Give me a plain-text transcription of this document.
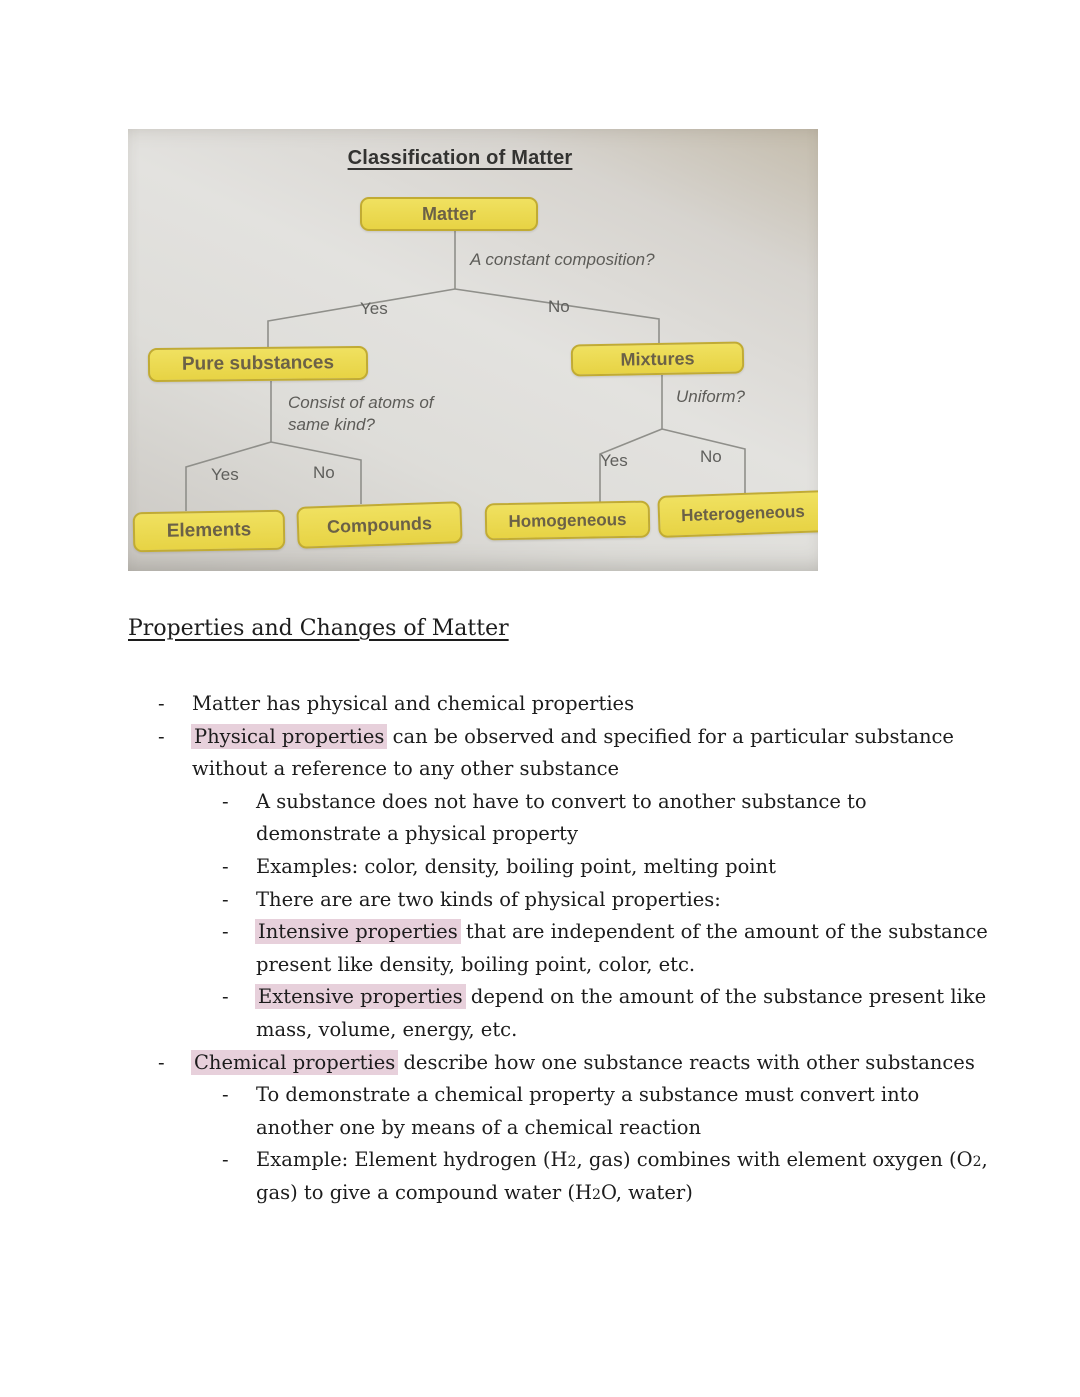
Classification of Matter
Matter
Pure substances	Mixtures
Elements	Compounds	Homogeneous	Heterogeneous
A constant composition?
Consist of atoms of same kind?
Uniform?
Yes	No
Yes	No
Yes	No
Properties and Changes of Matter
- Matter has physical and chemical properties
- Physical properties can be observed and specified for a particular substance
without a reference to any other substance
- A substance does not have to convert to another substance to
demonstrate a physical property
- Examples: color, density, boiling point, melting point
- There are are two kinds of physical properties:
- Intensive properties that are independent of the amount of the substance
present like density, boiling point, color, etc.
- Extensive properties depend on the amount of the substance present like
mass, volume, energy, etc.
- Chemical properties describe how one substance reacts with other substances
- To demonstrate a chemical property a substance must convert into
another one by means of a chemical reaction
- Example: Element hydrogen (H2, gas) combines with element oxygen (O2,
gas) to give a compound water (H2O, water)
